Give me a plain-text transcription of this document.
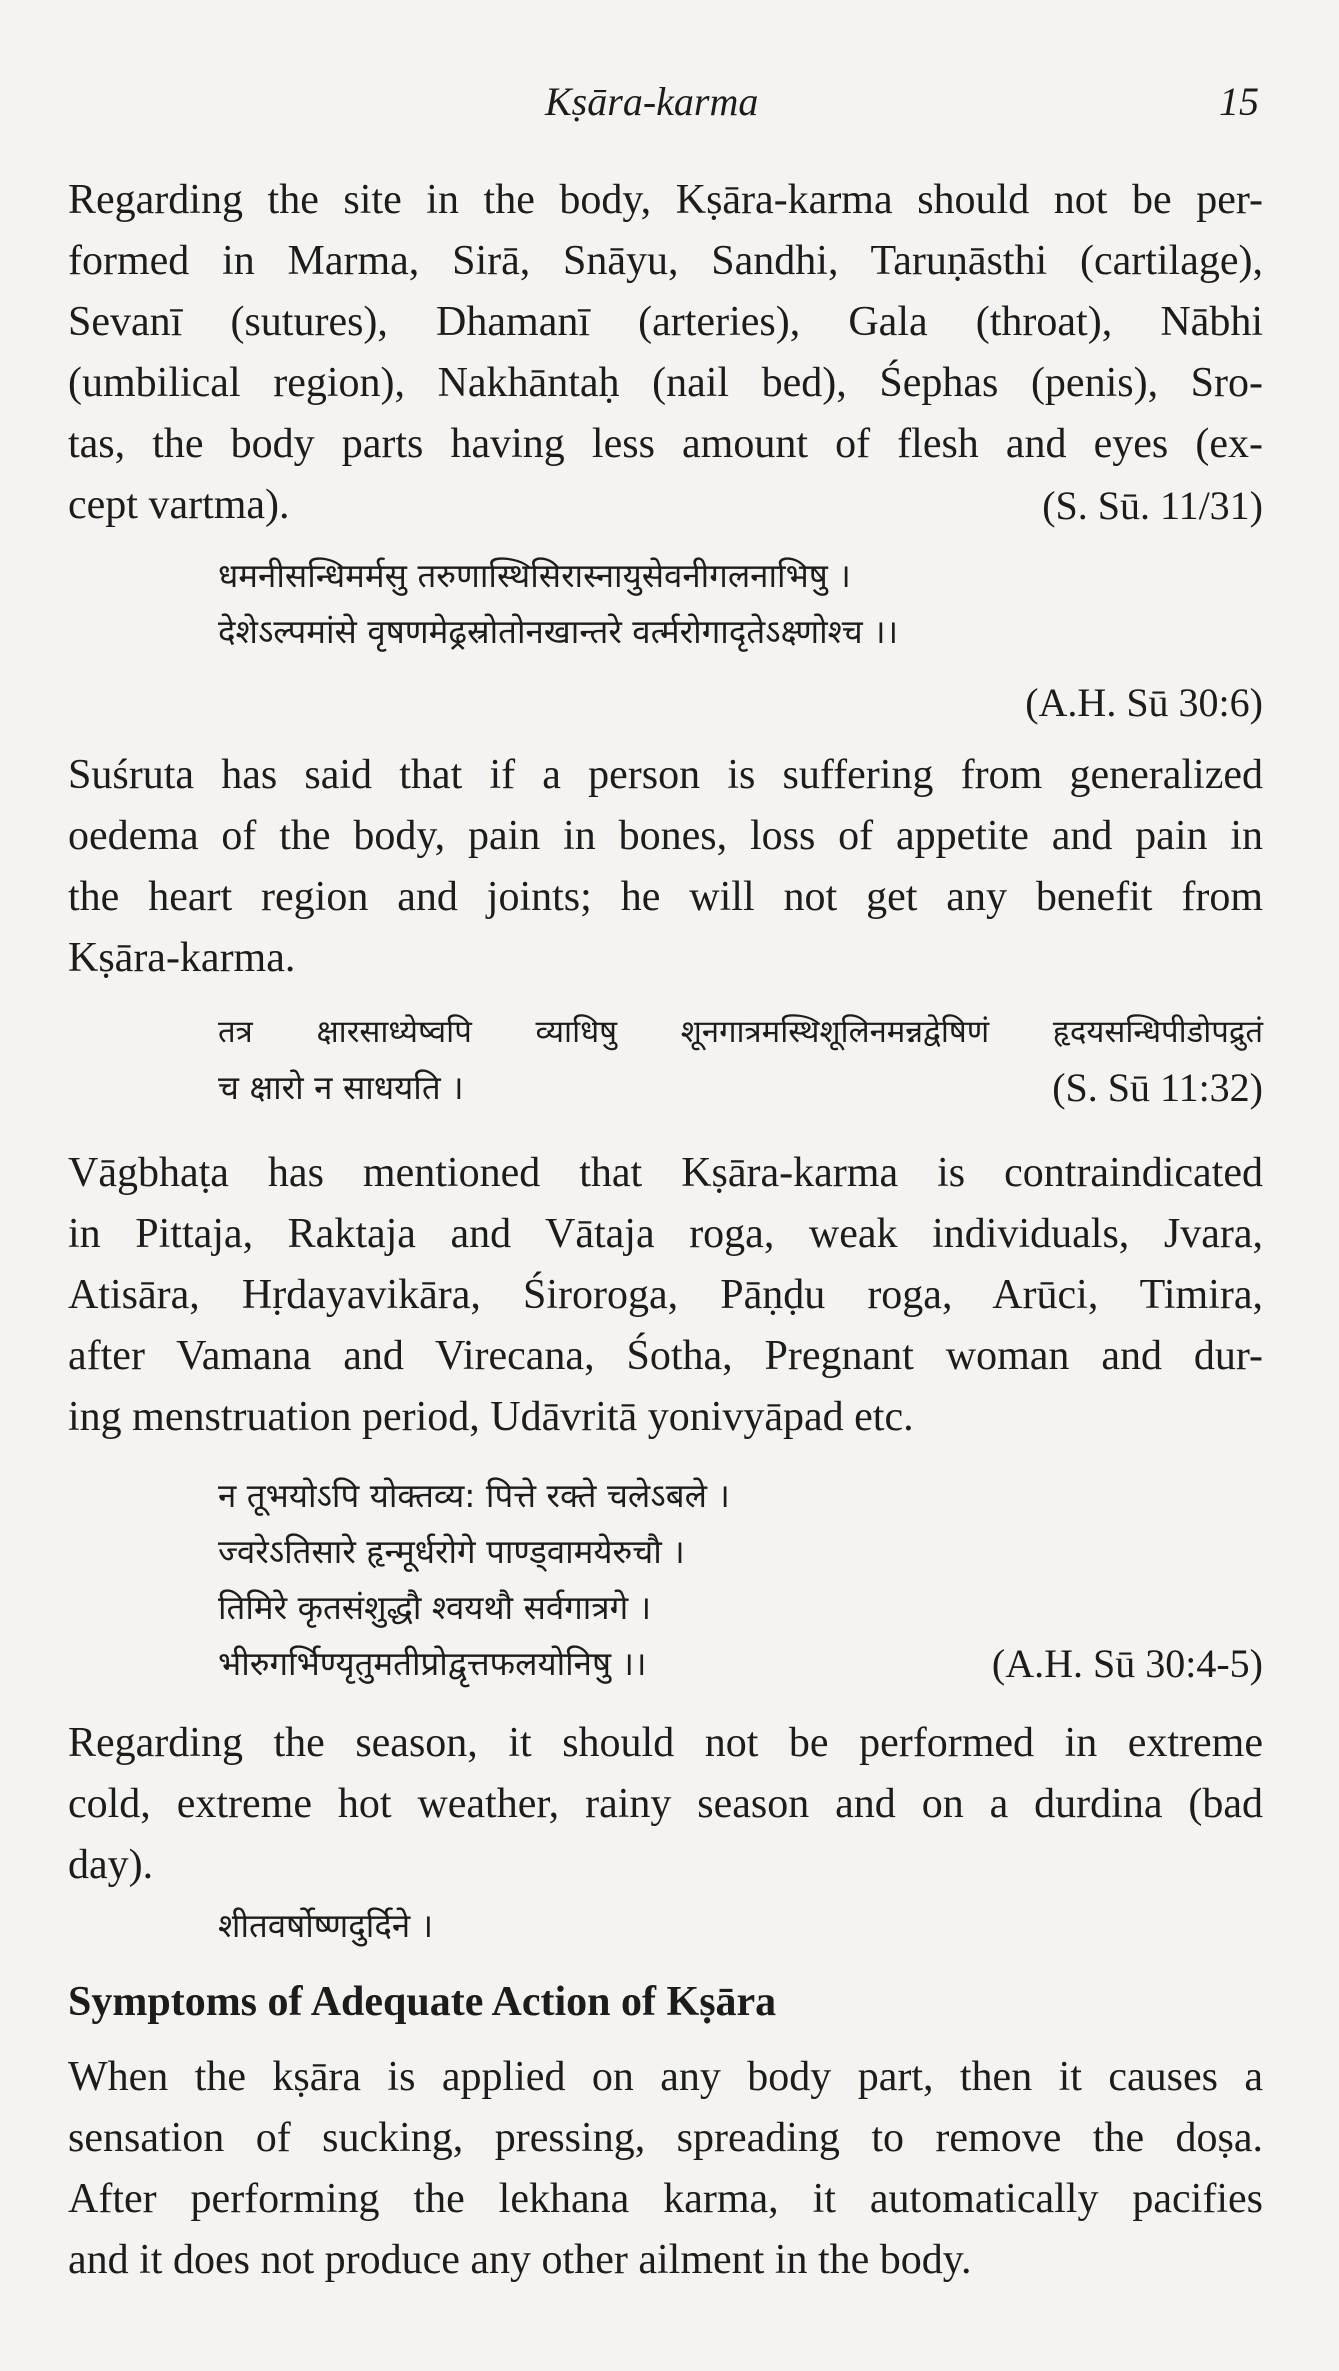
Kṣāra-karma	15
Regarding the site in the body, Kṣāra-karma should not be per-
formed in Marma, Sirā, Snāyu, Sandhi, Taruṇāsthi (cartilage),
Sevanī (sutures), Dhamanī (arteries), Gala (throat), Nābhi
(umbilical region), Nakhāntaḥ (nail bed), Śephas (penis), Sro-
tas, the body parts having less amount of flesh and eyes (ex-
cept vartma).	(S. Sū. 11/31)
धमनीसन्धिमर्मसु तरुणास्थिसिरास्नायुसेवनीगलनाभिषु ।
देशेऽल्पमांसे वृषणमेढ्रस्रोतोनखान्तरे वर्त्मरोगादृतेऽक्ष्णोश्च ।।
(A.H. Sū 30:6)
Suśruta has said that if a person is suffering from generalized
oedema of the body, pain in bones, loss of appetite and pain in
the heart region and joints; he will not get any benefit from
Kṣāra-karma.
तत्र क्षारसाध्येष्वपि व्याधिषु शूनगात्रमस्थिशूलिनमन्नद्वेषिणं हृदयसन्धिपीडोपद्रुतं
च क्षारो न साधयति ।	(S. Sū 11:32)
Vāgbhaṭa has mentioned that Kṣāra-karma is contraindicated
in Pittaja, Raktaja and Vātaja roga, weak individuals, Jvara,
Atisāra, Hṛdayavikāra, Śiroroga, Pāṇḍu roga, Arūci, Timira,
after Vamana and Virecana, Śotha, Pregnant woman and dur-
ing menstruation period, Udāvritā yonivyāpad etc.
न तूभयोऽपि योक्तव्य: पित्ते रक्ते चलेऽबले ।
ज्वरेऽतिसारे हृन्मूर्धरोगे पाण्ड्वामयेरुचौ ।
तिमिरे कृतसंशुद्धौ श्वयथौ सर्वगात्रगे ।
भीरुगर्भिण्यृतुमतीप्रोद्वृत्तफलयोनिषु ।।	(A.H. Sū 30:4-5)
Regarding the season, it should not be performed in extreme
cold, extreme hot weather, rainy season and on a durdina (bad
day).
शीतवर्षोष्णदुर्दिने ।
Symptoms of Adequate Action of Kṣāra
When the kṣāra is applied on any body part, then it causes a
sensation of sucking, pressing, spreading to remove the doṣa.
After performing the lekhana karma, it automatically pacifies
and it does not produce any other ailment in the body.
